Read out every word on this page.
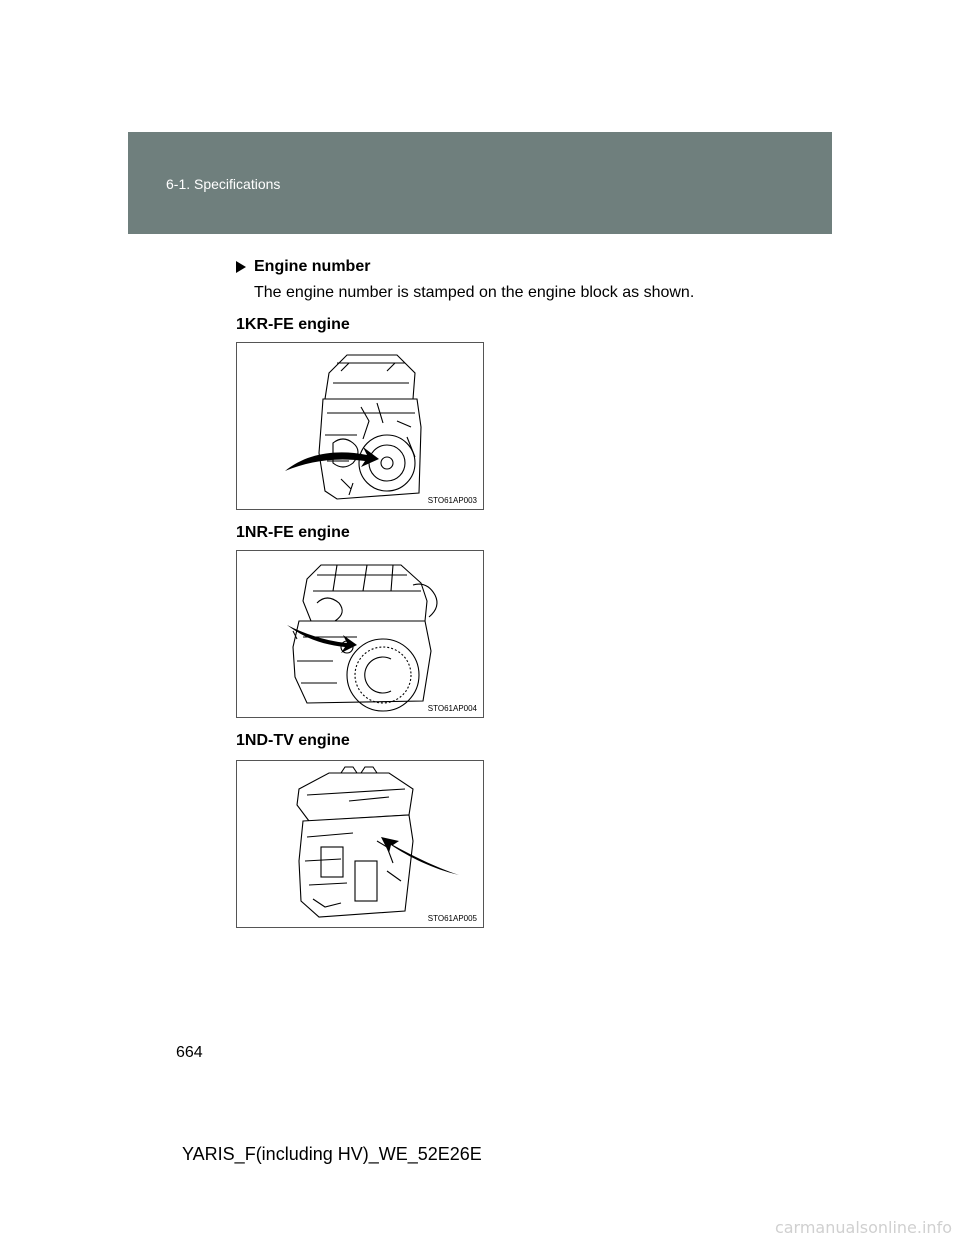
6-1. Specifications
Engine number
The engine number is stamped on the engine block as shown.
1KR-FE engine
STO61AP003
1NR-FE engine
STO61AP004
1ND-TV engine
STO61AP005
664
YARIS_F(including HV)_WE_52E26E
carmanualsonline.info
